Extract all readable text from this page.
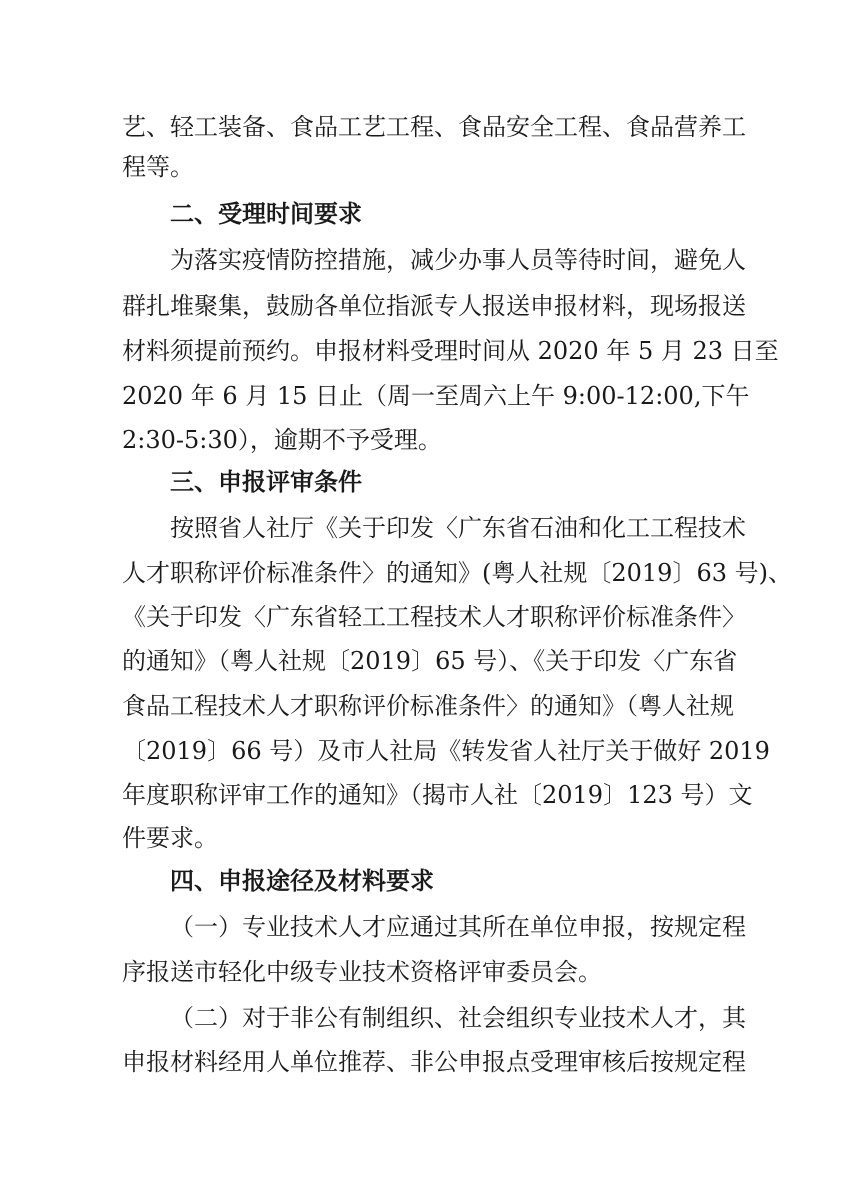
艺、轻工装备、食品工艺工程、食品安全工程、食品营养工
程等。
二、受理时间要求
为落实疫情防控措施，减少办事人员等待时间，避免人
群扎堆聚集，鼓励各单位指派专人报送申报材料，现场报送
材料须提前预约。申报材料受理时间从 2020 年 5 月 23 日至
2020 年 6 月 15 日止（周一至周六上午 9:00-12:00,下午
2:30-5:30），逾期不予受理。
三、申报评审条件
按照省人社厅《关于印发〈广东省石油和化工工程技术
人才职称评价标准条件〉的通知》(粤人社规〔2019〕63 号)、
《关于印发〈广东省轻工工程技术人才职称评价标准条件〉
的通知》（粤人社规〔2019〕65 号）、《关于印发〈广东省
食品工程技术人才职称评价标准条件〉的通知》（粤人社规
〔2019〕66 号）及市人社局《转发省人社厅关于做好 2019
年度职称评审工作的通知》（揭市人社〔2019〕123 号）文
件要求。
四、申报途径及材料要求
（一）专业技术人才应通过其所在单位申报，按规定程
序报送市轻化中级专业技术资格评审委员会。
（二）对于非公有制组织、社会组织专业技术人才，其
申报材料经用人单位推荐、非公申报点受理审核后按规定程
